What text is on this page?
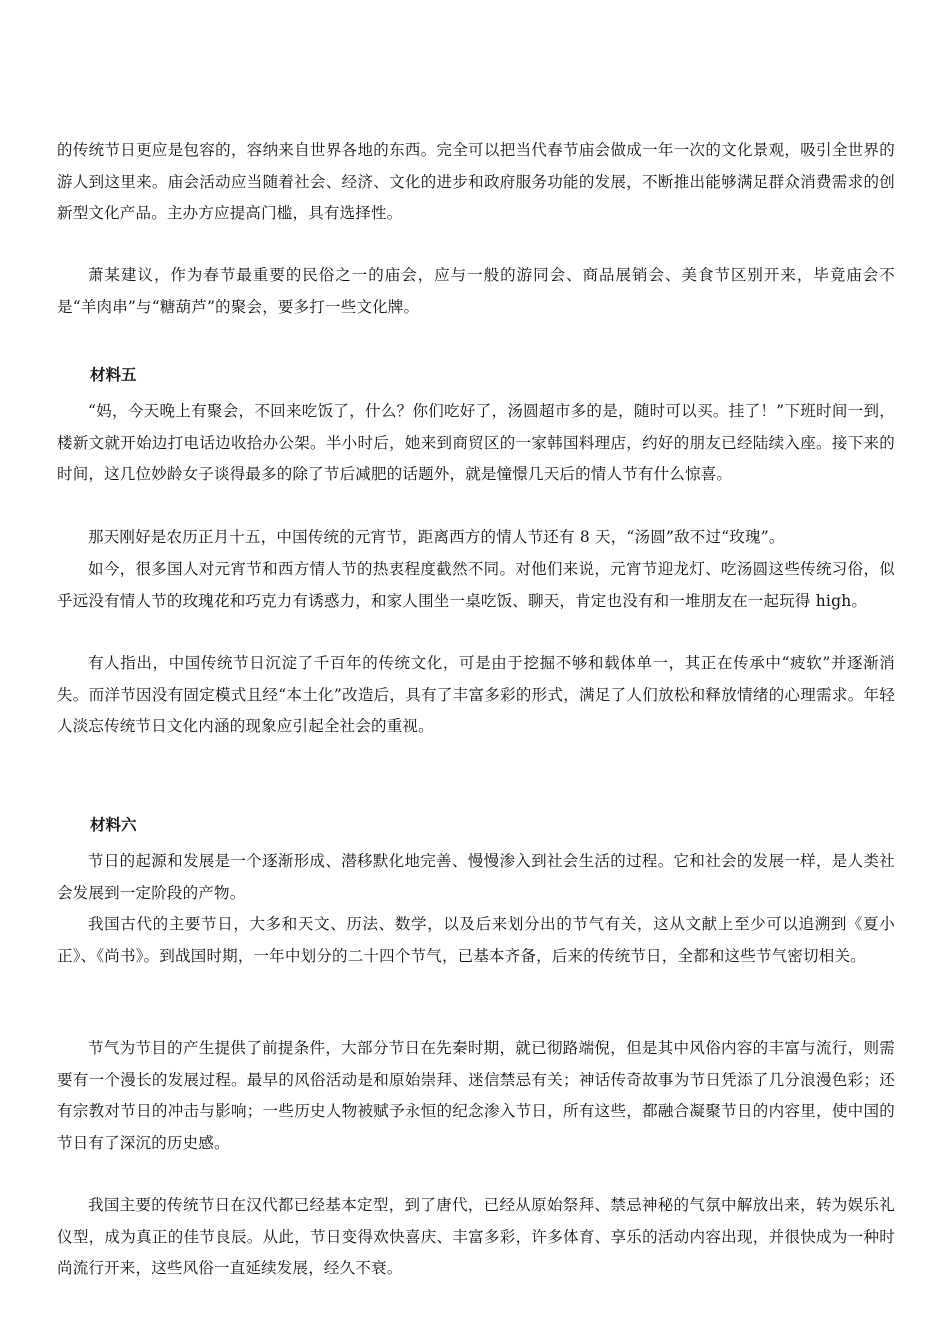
的传统节日更应是包容的，容纳来自世界各地的东西。完全可以把当代春节庙会做成一年一次的文化景观，吸引全世界的游人到这里来。庙会活动应当随着社会、经济、文化的进步和政府服务功能的发展，不断推出能够满足群众消费需求的创新型文化产品。主办方应提高门槛，具有选择性。

萧某建议，作为春节最重要的民俗之一的庙会，应与一般的游同会、商品展销会、美食节区别开来，毕竟庙会不是“羊肉串”与“糖葫芦”的聚会，要多打一些文化牌。

材料五

“妈，今天晚上有聚会，不回来吃饭了，什么？你们吃好了，汤圆超市多的是，随时可以买。挂了！”下班时间一到，楼新文就开始边打电话边收拾办公架。半小时后，她来到商贸区的一家韩国料理店，约好的朋友已经陆续入座。接下来的时间，这几位妙龄女子谈得最多的除了节后减肥的话题外，就是憧憬几天后的情人节有什么惊喜。

那天刚好是农历正月十五，中国传统的元宵节，距离西方的情人节还有 8 天，“汤圆”敌不过“玫瑰”。

如今，很多国人对元宵节和西方情人节的热衷程度截然不同。对他们来说，元宵节迎龙灯、吃汤圆这些传统习俗，似乎远没有情人节的玫瑰花和巧克力有诱惑力，和家人围坐一桌吃饭、聊天，肯定也没有和一堆朋友在一起玩得 high。

有人指出，中国传统节日沉淀了千百年的传统文化，可是由于挖掘不够和载体单一，其正在传承中“疲软”并逐渐消失。而洋节因没有固定模式且经“本土化”改造后，具有了丰富多彩的形式，满足了人们放松和释放情绪的心理需求。年轻人淡忘传统节日文化内涵的现象应引起全社会的重视。

材料六

节日的起源和发展是一个逐渐形成、潜移默化地完善、慢慢渗入到社会生活的过程。它和社会的发展一样，是人类社会发展到一定阶段的产物。

我国古代的主要节日，大多和天文、历法、数学，以及后来划分出的节气有关，这从文献上至少可以追溯到《夏小正》、《尚书》。到战国时期，一年中划分的二十四个节气，已基本齐备，后来的传统节日，全都和这些节气密切相关。

节气为节目的产生提供了前提条件，大部分节日在先秦时期，就已彻路端倪，但是其中风俗内容的丰富与流行，则需要有一个漫长的发展过程。最早的风俗活动是和原始崇拜、迷信禁忌有关；神话传奇故事为节日凭添了几分浪漫色彩；还有宗教对节日的冲击与影响；一些历史人物被赋予永恒的纪念渗入节日，所有这些，都融合凝聚节日的内容里，使中国的节日有了深沉的历史感。

我国主要的传统节日在汉代都已经基本定型，到了唐代，已经从原始祭拜、禁忌神秘的气氛中解放出来，转为娱乐礼仪型，成为真正的佳节良辰。从此，节日变得欢快喜庆、丰富多彩，许多体育、享乐的活动内容出现，并很快成为一种时尚流行开来，这些风俗一直延续发展，经久不衰。
